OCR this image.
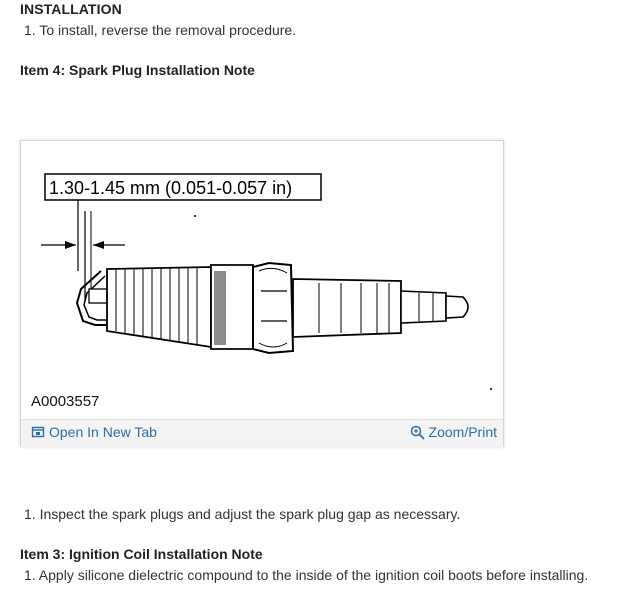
INSTALLATION
1. To install, reverse the removal procedure.
Item 4: Spark Plug Installation Note
1.30-1.45 mm (0.051-0.057 in)
A0003557
Open In New Tab	Zoom/Print
1. Inspect the spark plugs and adjust the spark plug gap as necessary.
Item 3: Ignition Coil Installation Note
1. Apply silicone dielectric compound to the inside of the ignition coil boots before installing.
